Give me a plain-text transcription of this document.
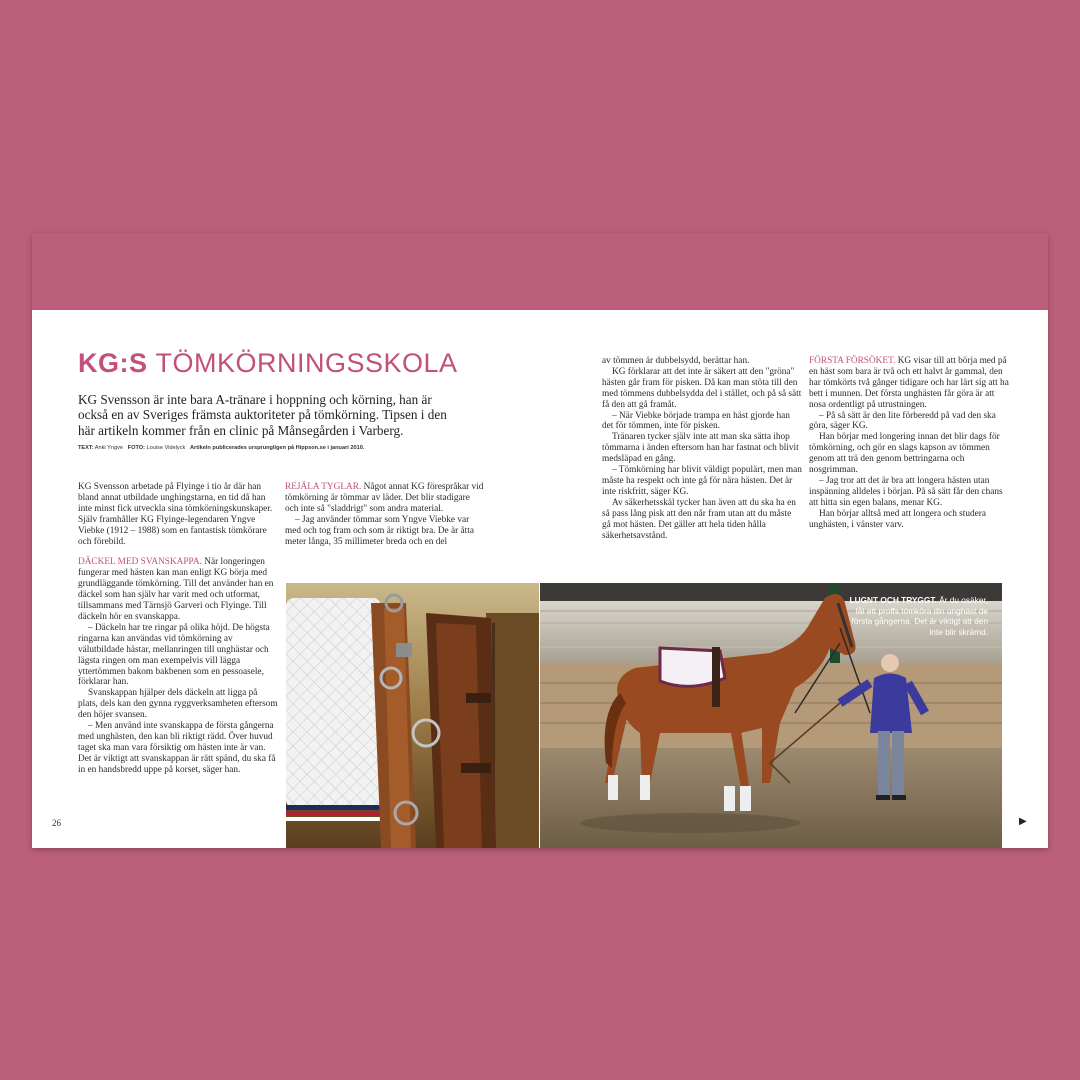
KG:S TÖMKÖRNINGSSKOLA
KG Svensson är inte bara A-tränare i hoppning och körning, han är också en av Sveriges främsta auktoriteter på tömkörning. Tipsen i den här artikeln kommer från en clinic på Månsegården i Varberg.
TEXT: Anki Yngve FOTO: Louise Videlyck Artikeln publicerades ursprungligen på Hippson.se i januari 2010.

KG Svensson arbetade på Flyinge i tio år där han bland annat utbildade unghingstarna, en tid då han inte minst fick utveckla sina tömkörningskunskaper. Själv framhåller KG Flyinge-legendaren Yngve Viebke (1912 – 1988) som en fantastisk tömkörare och förebild.

DÄCKEL MED SVANSKAPPA. När longeringen fungerar med hästen kan man enligt KG börja med grundläggande tömkörning. Till det använder han en däckel som han själv har varit med och utformat, tillsammans med Tärnsjö Garveri och Flyinge. Till däckeln hör en svanskappa.

– Däckeln har tre ringar på olika höjd. De högsta ringarna kan användas vid tömkörning av välutbildade hästar, mellanringen till unghästar och lägsta ringen om man exempelvis vill lägga yttertömmen bakom bakbenen som en pessoasele, förklarar han.

Svanskappan hjälper dels däckeln att ligga på plats, dels kan den gynna ryggverksamheten eftersom den höjer svansen.

– Men använd inte svanskappa de första gångerna med unghästen, den kan bli riktigt rädd. Över huvud taget ska man vara försiktig om hästen inte är van. Det är viktigt att svanskappan är rätt spänd, du ska få in en handsbredd uppe på korset, säger han.

REJÄLA TYGLAR. Något annat KG förespråkar vid tömkörning är tömmar av läder. Det blir stadigare och inte så "sladdrigt" som andra material.

– Jag använder tömmar som Yngve Viebke var med och tog fram och som är riktigt bra. De är åtta meter långa, 35 millimeter breda och en del

av tömmen är dubbelsydd, berättar han.

KG förklarar att det inte är säkert att den "gröna" hästen går fram för pisken. Då kan man stöta till den med tömmens dubbelsydda del i stället, och på så sätt få den att gå framåt.

– När Viebke började trampa en häst gjorde han det för tömmen, inte för pisken.

Tränaren tycker själv inte att man ska sätta ihop tömmarna i änden eftersom han har fastnat och blivit medsläpad en gång.

– Tömkörning har blivit väldigt populärt, men man måste ha respekt och inte gå för nära hästen. Det är inte riskfritt, säger KG.

Av säkerhetsskäl tycker han även att du ska ha en så pass lång pisk att den når fram utan att du måste gå mot hästen. Det gäller att hela tiden hålla säkerhetsavstånd.

FÖRSTA FÖRSÖKET. KG visar till att börja med på en häst som bara är två och ett halvt år gammal, den har tömkörts två gånger tidigare och har lärt sig att ha bett i munnen. Det första unghästen får göra är att nosa ordentligt på utrustningen.

– På så sätt är den lite förberedd på vad den ska göra, säger KG.

Han börjar med longering innan det blir dags för tömkörning, och gör en slags kapson av tömmen genom att trä den genom bettringarna och nosgrimman.

– Jag tror att det är bra att longera hästen utan inspänning alldeles i början. På så sätt får den chans att hitta sin egen balans, menar KG.

Han börjar alltså med att longera och studera unghästen, i vänster varv.

LUGNT OCH TRYGGT. Är du osäker, låt ett proffs tömköra din unghäst de första gångerna. Det är viktigt att den inte blir skrämd.
26	▶
